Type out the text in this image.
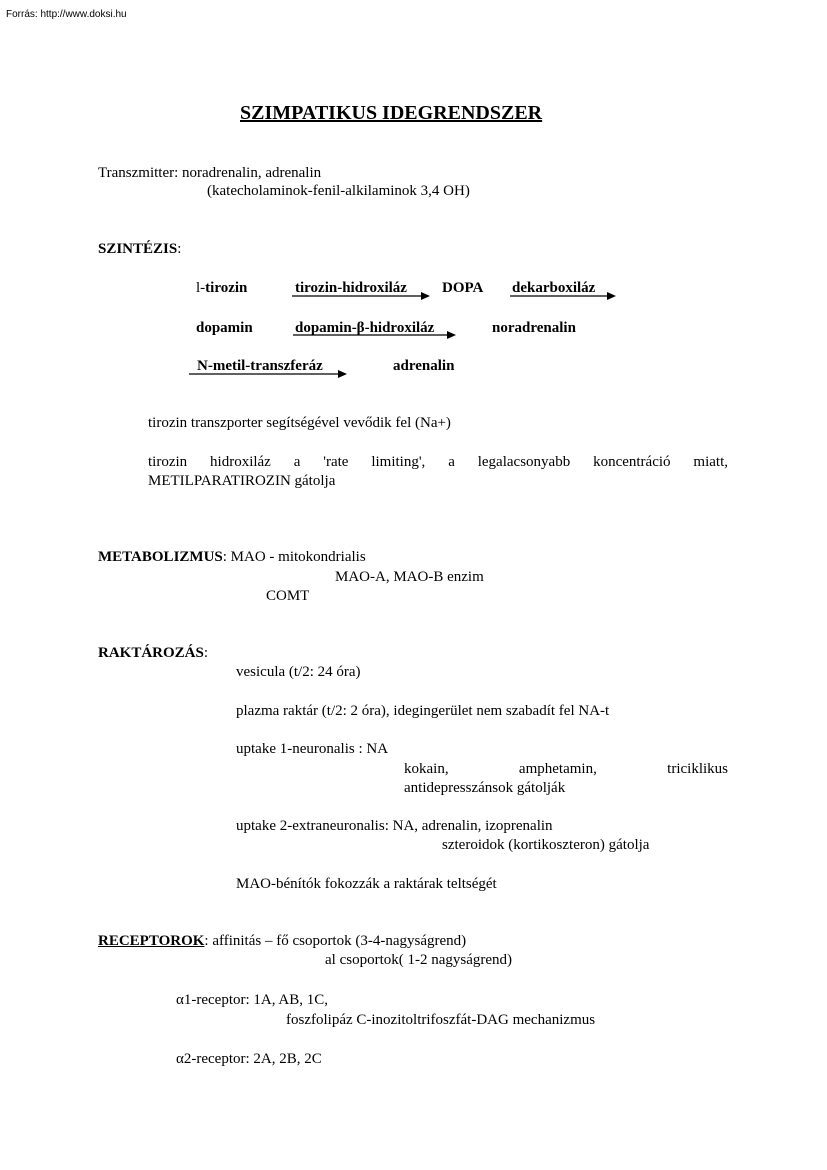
Forrás: http://www.doksi.hu
SZIMPATIKUS IDEGRENDSZER
Transzmitter: noradrenalin, adrenalin
(katecholaminok-fenil-alkilaminok 3,4 OH)
SZINTÉZIS:
l-tirozin	tirozin-hidroxiláz DOPA dekarboxiláz
dopamin	dopamin-β-hidroxiláz	noradrenalin
N-metil-transzferáz	adrenalin
tirozin transzporter segítségével vevődik fel (Na+)
tirozin hidroxiláz a 'rate limiting', a legalacsonyabb koncentráció miatt,
METILPARATIROZIN gátolja
METABOLIZMUS: MAO - mitokondrialis
MAO-A, MAO-B enzim
COMT
RAKTÁROZÁS:
vesicula (t/2: 24 óra)
plazma raktár (t/2: 2 óra), idegingerület nem szabadít fel NA-t
uptake 1-neuronalis : NA
kokain,	amphetamin,	triciklikus
antidepresszánsok gátolják
uptake 2-extraneuronalis: NA, adrenalin, izoprenalin
szteroidok (kortikoszteron) gátolja
MAO-bénítók fokozzák a raktárak teltségét
RECEPTOROK: affinitás – fő csoportok (3-4-nagyságrend)
al csoportok( 1-2 nagyságrend)
α1-receptor: 1A, AB, 1C,
foszfolipáz C-inozitoltrifoszfát-DAG mechanizmus
α2-receptor: 2A, 2B, 2C
